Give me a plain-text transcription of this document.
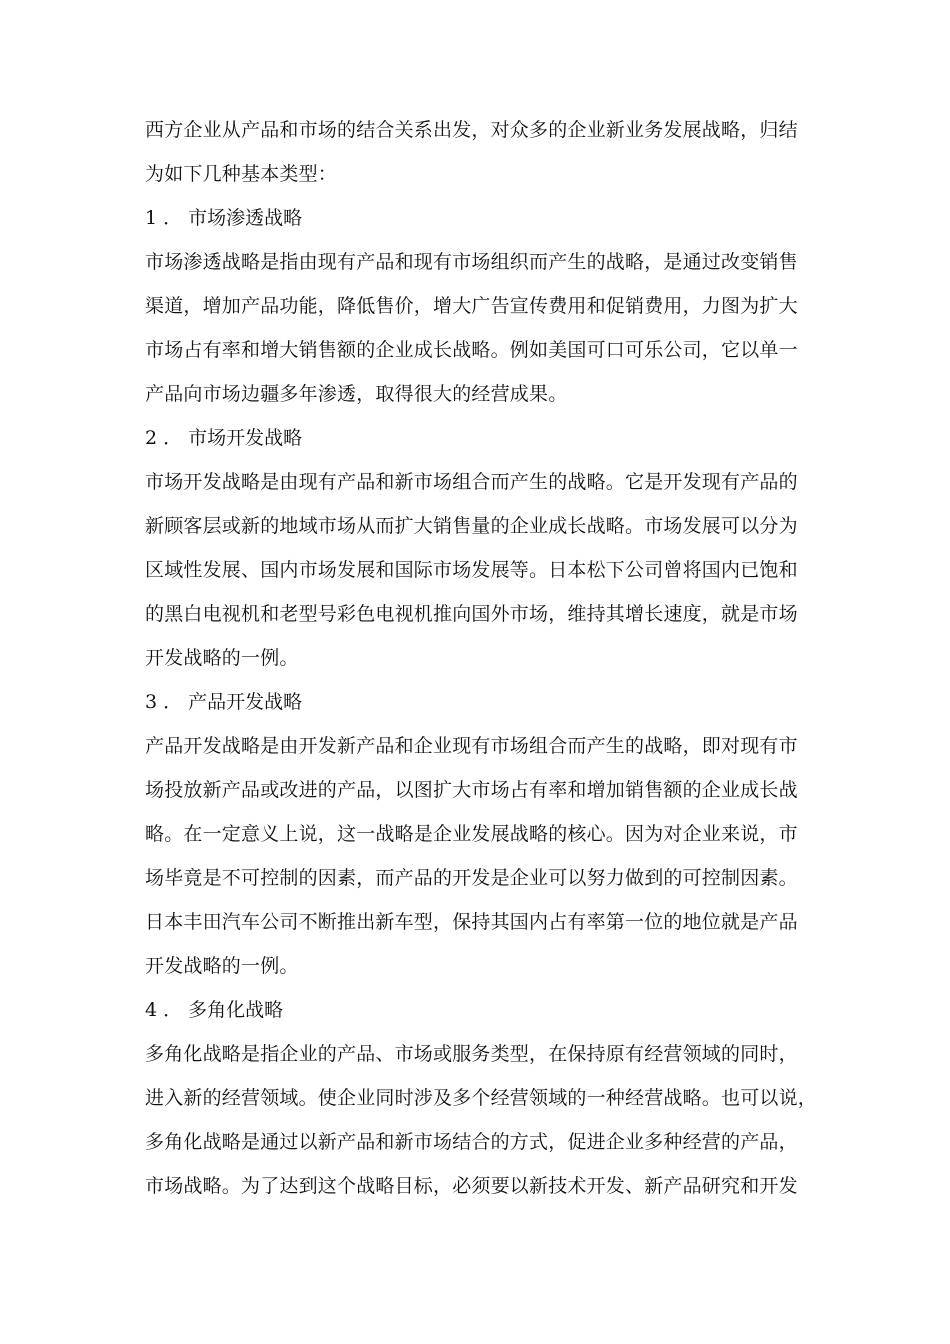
西方企业从产品和市场的结合关系出发，对众多的企业新业务发展战略，归结
为如下几种基本类型：
1 ． 市场渗透战略
市场渗透战略是指由现有产品和现有市场组织而产生的战略，是通过改变销售
渠道，增加产品功能，降低售价，增大广告宣传费用和促销费用，力图为扩大
市场占有率和增大销售额的企业成长战略。例如美国可口可乐公司，它以单一
产品向市场边疆多年渗透，取得很大的经营成果。
2 ． 市场开发战略
市场开发战略是由现有产品和新市场组合而产生的战略。它是开发现有产品的
新顾客层或新的地域市场从而扩大销售量的企业成长战略。市场发展可以分为
区域性发展、国内市场发展和国际市场发展等。日本松下公司曾将国内已饱和
的黑白电视机和老型号彩色电视机推向国外市场，维持其增长速度，就是市场
开发战略的一例。
3 ． 产品开发战略
产品开发战略是由开发新产品和企业现有市场组合而产生的战略，即对现有市
场投放新产品或改进的产品，以图扩大市场占有率和增加销售额的企业成长战
略。在一定意义上说，这一战略是企业发展战略的核心。因为对企业来说，市
场毕竟是不可控制的因素，而产品的开发是企业可以努力做到的可控制因素。
日本丰田汽车公司不断推出新车型，保持其国内占有率第一位的地位就是产品
开发战略的一例。
4 ． 多角化战略
多角化战略是指企业的产品、市场或服务类型，在保持原有经营领域的同时，
进入新的经营领域。使企业同时涉及多个经营领域的一种经营战略。也可以说，
多角化战略是通过以新产品和新市场结合的方式，促进企业多种经营的产品，
市场战略。为了达到这个战略目标，必须要以新技术开发、新产品研究和开发
